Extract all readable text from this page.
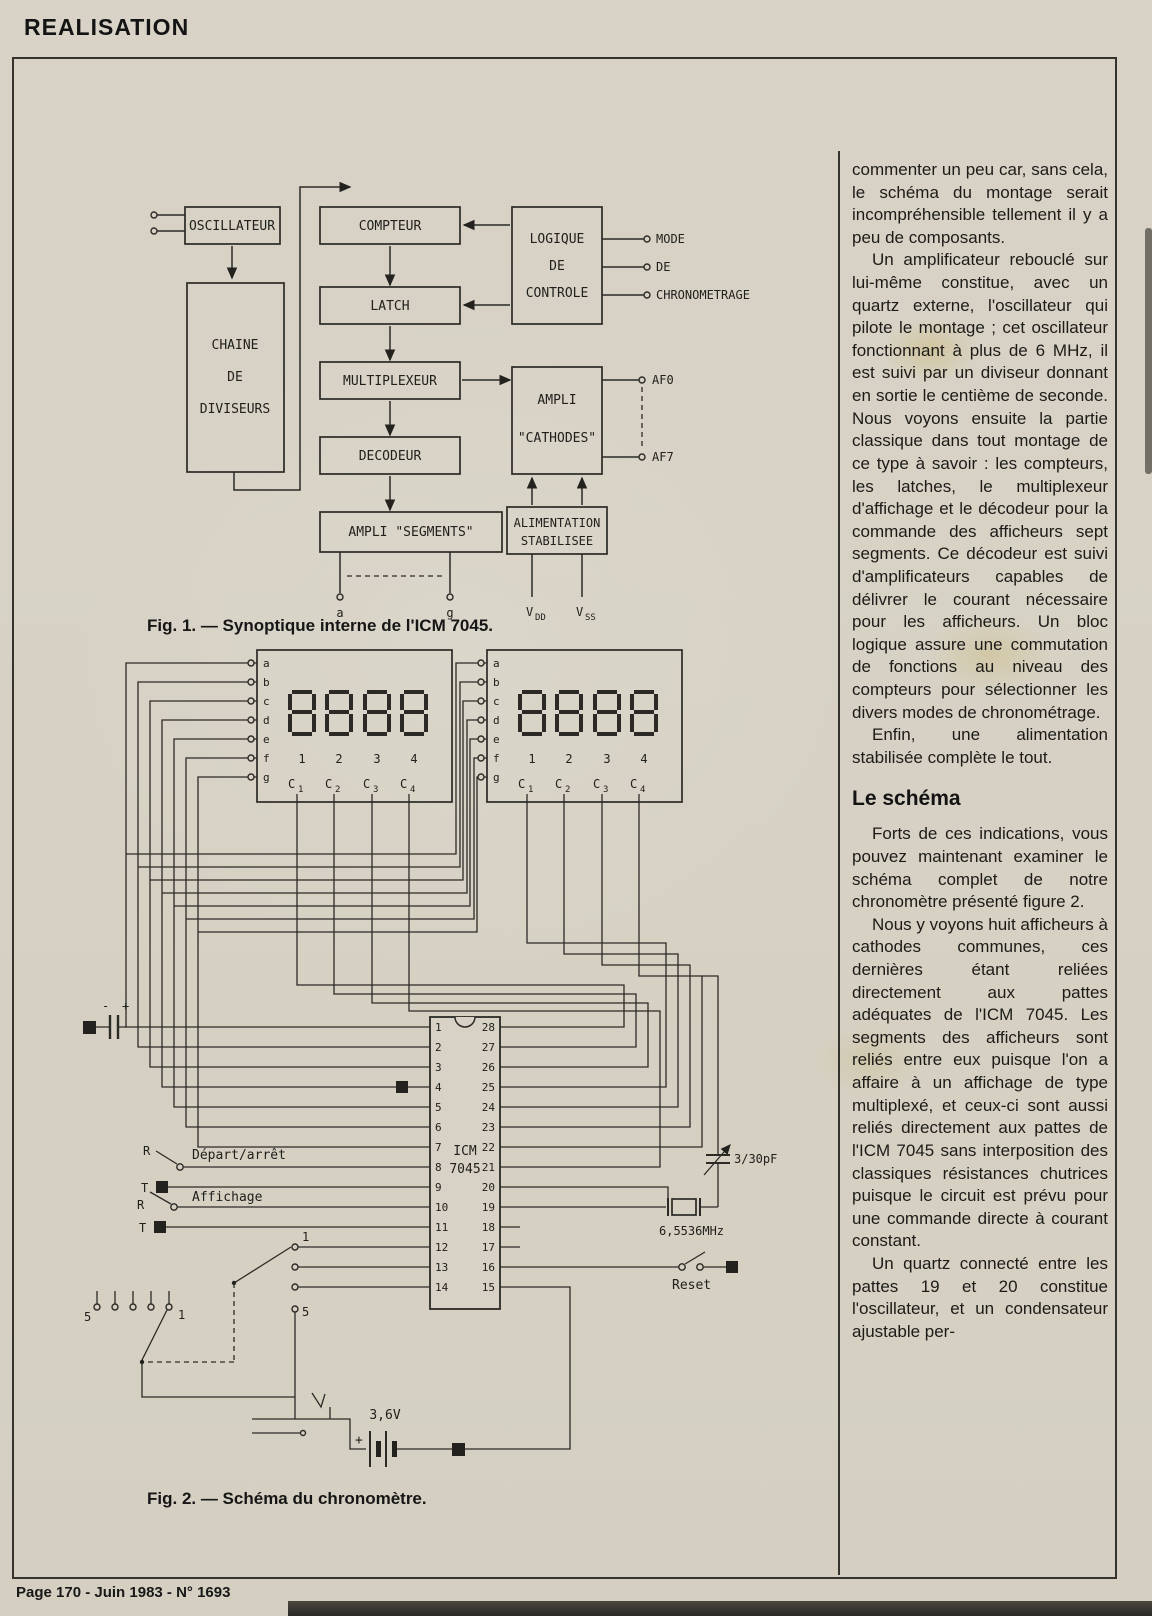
REALISATION
OSCILLATEUR
CHAINE
DE
DIVISEURS
COMPTEUR
LATCH
MULTIPLEXEUR
DECODEUR
AMPLI "SEGMENTS"
LOGIQUE
DE
CONTROLE
AMPLI
"CATHODES"
ALIMENTATION
STABILISEE
MODE
DE
CHRONOMETRAGE
AF0
AF7
a	g	V DD	V SS
Fig. 1. — Synoptique interne de l'ICM 7045.
a
b
c
d
e
f
g
1 2	3 4
C 1 C 2 C 3 C 4
a
b
c
d
e
f
g
1 2	3 4
C 1 C 2 C 3 C 4
1
2
3
4
5
6
7
8
9
10
11
12
13
14
28
27
26
25
24
23
22
21
20
19
18
17
16
15
ICM
7045
- +
R	Départ/arrêt
T
R	Affichage
T
1
5
5	1
+
3,6V
6,5536MHz
3/30pF
Reset
Fig. 2. — Schéma du chronomètre.

commenter un peu car, sans cela, le schéma du montage serait incompréhensible tellement il y a peu de composants.

Un amplificateur rebouclé sur lui-même constitue, avec un quartz externe, l'oscillateur qui pilote le montage ; cet oscillateur fonctionnant à plus de 6 MHz, il est suivi par un diviseur donnant en sortie le centième de seconde. Nous voyons ensuite la partie classique dans tout montage de ce type à savoir : les compteurs, les latches, le multiplexeur d'affichage et le décodeur pour la commande des afficheurs sept segments. Ce décodeur est suivi d'amplificateurs capables de délivrer le courant nécessaire pour les afficheurs. Un bloc logique assure une commutation de fonctions au niveau des compteurs pour sélectionner les divers modes de chronométrage.

Enfin, une alimentation stabilisée complète le tout.

Le schéma

Forts de ces indications, vous pouvez maintenant examiner le schéma complet de notre chronomètre présenté figure 2.

Nous y voyons huit afficheurs à cathodes communes, ces dernières étant reliées directement aux pattes adéquates de l'ICM 7045. Les segments des afficheurs sont reliés entre eux puisque l'on a affaire à un affichage de type multiplexé, et ceux-ci sont aussi reliés directement aux pattes de l'ICM 7045 sans interposition des classiques résistances chutrices puisque le circuit est prévu pour une commande directe à courant constant.

Un quartz connecté entre les pattes 19 et 20 constitue l'oscillateur, et un condensateur ajustable per-

Page 170 - Juin 1983 - N° 1693
